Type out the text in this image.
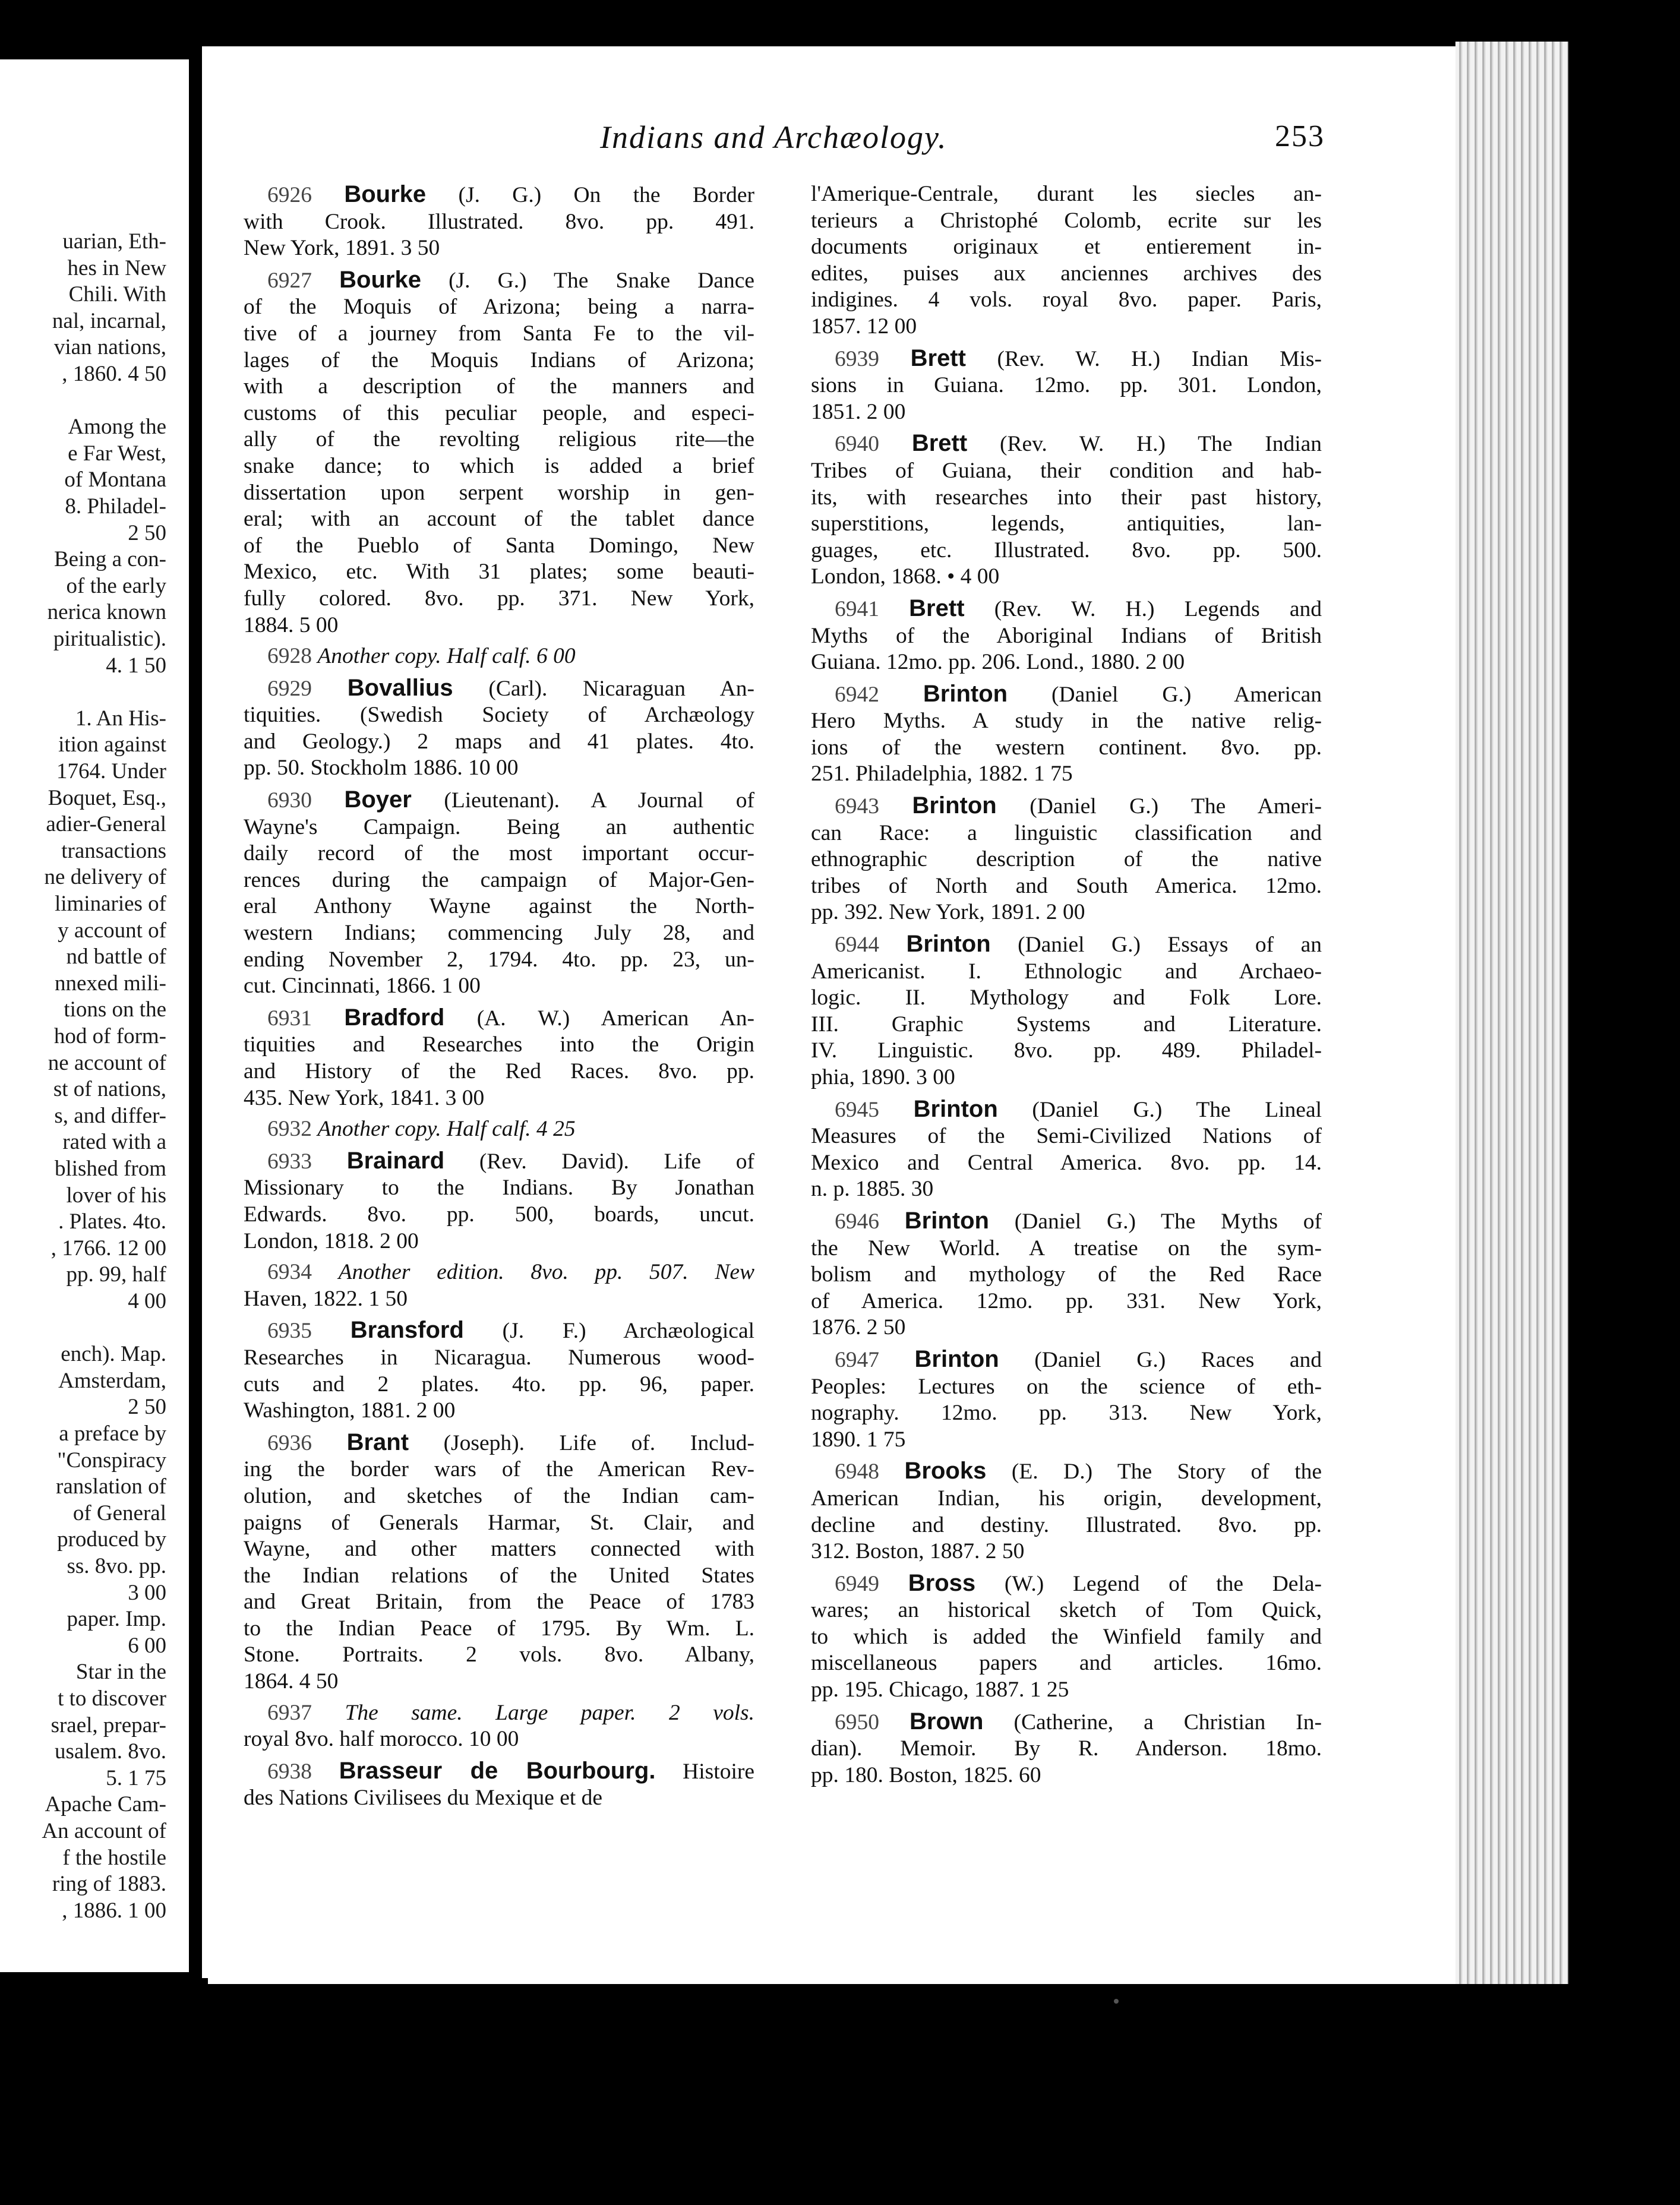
uarian, Eth-
hes in New
Chili. With
nal, incarnal,
vian nations,
, 1860. 4 50
Among the
e Far West,
of Montana
8. Philadel-
2 50
Being a con-
of the early
nerica known
piritualistic).
4. 1 50
1. An His-
ition against
1764. Under
Boquet, Esq.,
adier-General
transactions
ne delivery of
liminaries of
y account of
nd battle of
nnexed mili-
tions on the
hod of form-
ne account of
st of nations,
s, and differ-
rated with a
blished from
lover of his
. Plates. 4to.
, 1766. 12 00
pp. 99, half
4 00
ench). Map.
Amsterdam,
2 50
a preface by
"Conspiracy
ranslation of
of General
produced by
ss. 8vo. pp.
3 00
paper. Imp.
6 00
Star in the
t to discover
srael, prepar-
usalem. 8vo.
5. 1 75
Apache Cam-
An account of
f the hostile
ring of 1883.
, 1886. 1 00
Indians and Archæology.	253
6926 Bourke (J. G.) On the Border
with Crook. Illustrated. 8vo. pp. 491.
New York, 1891. 3 50
6927 Bourke (J. G.) The Snake Dance
of the Moquis of Arizona; being a narra-
tive of a journey from Santa Fe to the vil-
lages of the Moquis Indians of Arizona;
with a description of the manners and
customs of this peculiar people, and especi-
ally of the revolting religious rite—the
snake dance; to which is added a brief
dissertation upon serpent worship in gen-
eral; with an account of the tablet dance
of the Pueblo of Santa Domingo, New
Mexico, etc. With 31 plates; some beauti-
fully colored. 8vo. pp. 371. New York,
1884. 5 00
6928 Another copy. Half calf. 6 00
6929 Bovallius (Carl). Nicaraguan An-
tiquities. (Swedish Society of Archæology
and Geology.) 2 maps and 41 plates. 4to.
pp. 50. Stockholm 1886. 10 00
6930 Boyer (Lieutenant). A Journal of
Wayne's Campaign. Being an authentic
daily record of the most important occur-
rences during the campaign of Major-Gen-
eral Anthony Wayne against the North-
western Indians; commencing July 28, and
ending November 2, 1794. 4to. pp. 23, un-
cut. Cincinnati, 1866. 1 00
6931 Bradford (A. W.) American An-
tiquities and Researches into the Origin
and History of the Red Races. 8vo. pp.
435. New York, 1841. 3 00
6932 Another copy. Half calf. 4 25
6933 Brainard (Rev. David). Life of
Missionary to the Indians. By Jonathan
Edwards. 8vo. pp. 500, boards, uncut.
London, 1818. 2 00
6934 Another edition. 8vo. pp. 507. New
Haven, 1822. 1 50
6935 Bransford (J. F.) Archæological
Researches in Nicaragua. Numerous wood-
cuts and 2 plates. 4to. pp. 96, paper.
Washington, 1881. 2 00
6936 Brant (Joseph). Life of. Includ-
ing the border wars of the American Rev-
olution, and sketches of the Indian cam-
paigns of Generals Harmar, St. Clair, and
Wayne, and other matters connected with
the Indian relations of the United States
and Great Britain, from the Peace of 1783
to the Indian Peace of 1795. By Wm. L.
Stone. Portraits. 2 vols. 8vo. Albany,
1864. 4 50
6937 The same. Large paper. 2 vols.
royal 8vo. half morocco. 10 00
6938 Brasseur de Bourbourg. Histoire
des Nations Civilisees du Mexique et de
l'Amerique-Centrale, durant les siecles an-
terieurs a Christophé Colomb, ecrite sur les
documents originaux et entierement in-
edites, puises aux anciennes archives des
indigines. 4 vols. royal 8vo. paper. Paris,
1857. 12 00
6939 Brett (Rev. W. H.) Indian Mis-
sions in Guiana. 12mo. pp. 301. London,
1851. 2 00
6940 Brett (Rev. W. H.) The Indian
Tribes of Guiana, their condition and hab-
its, with researches into their past history,
superstitions, legends, antiquities, lan-
guages, etc. Illustrated. 8vo. pp. 500.
London, 1868. • 4 00
6941 Brett (Rev. W. H.) Legends and
Myths of the Aboriginal Indians of British
Guiana. 12mo. pp. 206. Lond., 1880. 2 00
6942 Brinton (Daniel G.) American
Hero Myths. A study in the native relig-
ions of the western continent. 8vo. pp.
251. Philadelphia, 1882. 1 75
6943 Brinton (Daniel G.) The Ameri-
can Race: a linguistic classification and
ethnographic description of the native
tribes of North and South America. 12mo.
pp. 392. New York, 1891. 2 00
6944 Brinton (Daniel G.) Essays of an
Americanist. I. Ethnologic and Archaeo-
logic. II. Mythology and Folk Lore.
III. Graphic Systems and Literature.
IV. Linguistic. 8vo. pp. 489. Philadel-
phia, 1890. 3 00
6945 Brinton (Daniel G.) The Lineal
Measures of the Semi-Civilized Nations of
Mexico and Central America. 8vo. pp. 14.
n. p. 1885. 30
6946 Brinton (Daniel G.) The Myths of
the New World. A treatise on the sym-
bolism and mythology of the Red Race
of America. 12mo. pp. 331. New York,
1876. 2 50
6947 Brinton (Daniel G.) Races and
Peoples: Lectures on the science of eth-
nography. 12mo. pp. 313. New York,
1890. 1 75
6948 Brooks (E. D.) The Story of the
American Indian, his origin, development,
decline and destiny. Illustrated. 8vo. pp.
312. Boston, 1887. 2 50
6949 Bross (W.) Legend of the Dela-
wares; an historical sketch of Tom Quick,
to which is added the Winfield family and
miscellaneous papers and articles. 16mo.
pp. 195. Chicago, 1887. 1 25
6950 Brown (Catherine, a Christian In-
dian). Memoir. By R. Anderson. 18mo.
pp. 180. Boston, 1825. 60
